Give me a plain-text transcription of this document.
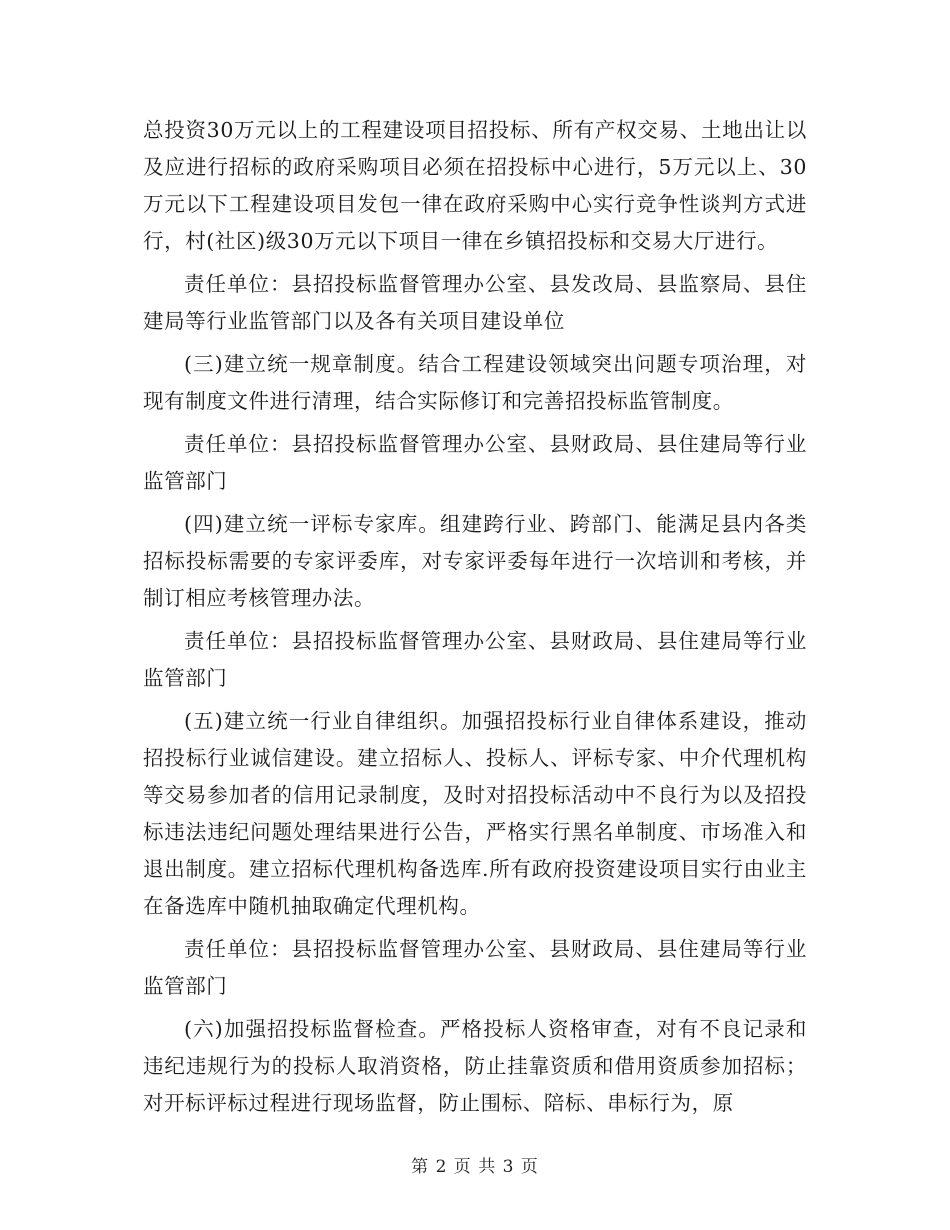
总投资30万元以上的工程建设项目招投标、所有产权交易、土地出让以及应进行招标的政府采购项目必须在招投标中心进行，5万元以上、30万元以下工程建设项目发包一律在政府采购中心实行竞争性谈判方式进行，村(社区)级30万元以下项目一律在乡镇招投标和交易大厅进行。

责任单位：县招投标监督管理办公室、县发改局、县监察局、县住建局等行业监管部门以及各有关项目建设单位

(三)建立统一规章制度。结合工程建设领域突出问题专项治理，对现有制度文件进行清理，结合实际修订和完善招投标监管制度。

责任单位：县招投标监督管理办公室、县财政局、县住建局等行业监管部门

(四)建立统一评标专家库。组建跨行业、跨部门、能满足县内各类招标投标需要的专家评委库，对专家评委每年进行一次培训和考核，并制订相应考核管理办法。

责任单位：县招投标监督管理办公室、县财政局、县住建局等行业监管部门

(五)建立统一行业自律组织。加强招投标行业自律体系建设，推动招投标行业诚信建设。建立招标人、投标人、评标专家、中介代理机构等交易参加者的信用记录制度，及时对招投标活动中不良行为以及招投标违法违纪问题处理结果进行公告，严格实行黑名单制度、市场准入和退出制度。建立招标代理机构备选库.所有政府投资建设项目实行由业主在备选库中随机抽取确定代理机构。

责任单位：县招投标监督管理办公室、县财政局、县住建局等行业监管部门

(六)加强招投标监督检查。严格投标人资格审查，对有不良记录和违纪违规行为的投标人取消资格，防止挂靠资质和借用资质参加招标；对开标评标过程进行现场监督，防止围标、陪标、串标行为，原

第 2 页 共 3 页
